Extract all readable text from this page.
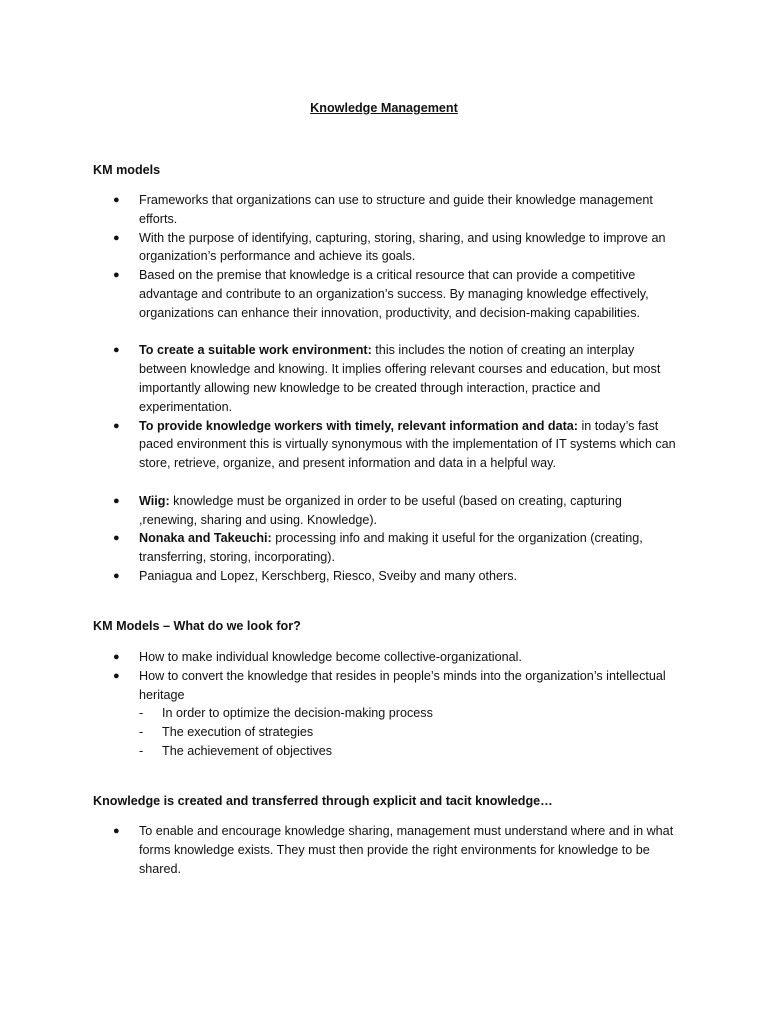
Knowledge Management
KM models
● Frameworks that organizations can use to structure and guide their knowledge management efforts.
● With the purpose of identifying, capturing, storing, sharing, and using knowledge to improve an organization’s performance and achieve its goals.
● Based on the premise that knowledge is a critical resource that can provide a competitive advantage and contribute to an organization’s success. By managing knowledge effectively, organizations can enhance their innovation, productivity, and decision-making capabilities.
● To create a suitable work environment: this includes the notion of creating an interplay between knowledge and knowing. It implies offering relevant courses and education, but most importantly allowing new knowledge to be created through interaction, practice and experimentation.
● To provide knowledge workers with timely, relevant information and data: in today’s fast paced environment this is virtually synonymous with the implementation of IT systems which can store, retrieve, organize, and present information and data in a helpful way.
● Wiig: knowledge must be organized in order to be useful (based on creating, capturing ,renewing, sharing and using. Knowledge).
● Nonaka and Takeuchi: processing info and making it useful for the organization (creating, transferring, storing, incorporating).
● Paniagua and Lopez, Kerschberg, Riesco, Sveiby and many others.
KM Models – What do we look for?
● How to make individual knowledge become collective-organizational.
● How to convert the knowledge that resides in people’s minds into the organization’s intellectual heritage
- In order to optimize the decision-making process
- The execution of strategies
- The achievement of objectives
Knowledge is created and transferred through explicit and tacit knowledge…
● To enable and encourage knowledge sharing, management must understand where and in what forms knowledge exists. They must then provide the right environments for knowledge to be shared.
